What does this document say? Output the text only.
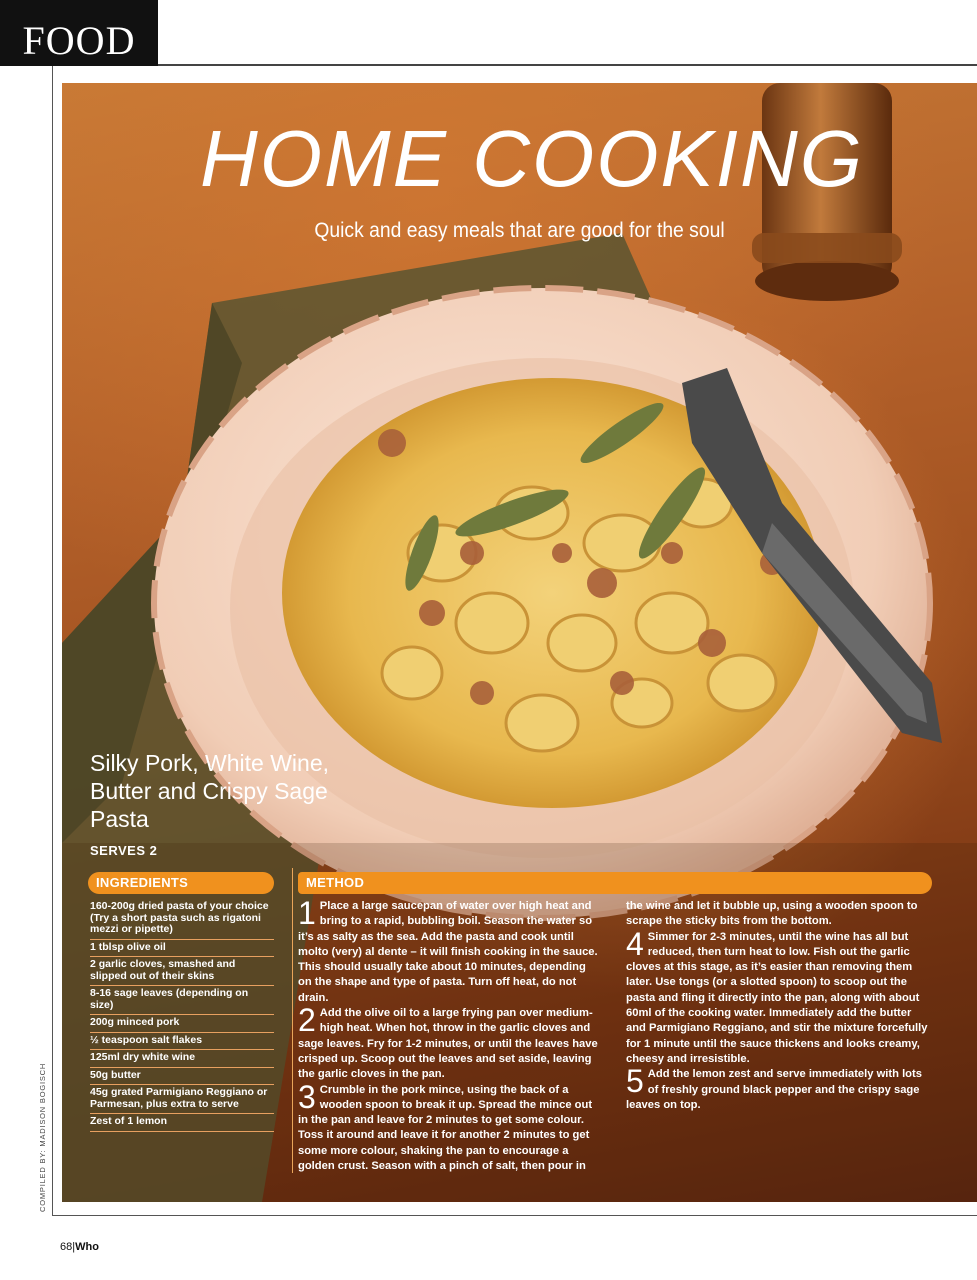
FOOD
HOME COOKING
Quick and easy meals that are good for the soul
Silky Pork, White Wine, Butter and Crispy Sage Pasta
SERVES 2
INGREDIENTS	METHOD
160-200g dried pasta of your choice (Try a short pasta such as rigatoni mezzi or pipette)
1 tblsp olive oil
2 garlic cloves, smashed and slipped out of their skins
8-16 sage leaves (depending on size)
200g minced pork
½ teaspoon salt flakes
125ml dry white wine
50g butter
45g grated Parmigiano Reggiano or Parmesan, plus extra to serve
Zest of 1 lemon

1 Place a large saucepan of water over high heat and bring to a rapid, bubbling boil. Season the water so it’s as salty as the sea. Add the pasta and cook until molto (very) al dente – it will finish cooking in the sauce. This should usually take about 10 minutes, depending on the shape and type of pasta. Turn off heat, do not drain.

2 Add the olive oil to a large frying pan over medium-high heat. When hot, throw in the garlic cloves and sage leaves. Fry for 1-2 minutes, or until the leaves have crisped up. Scoop out the leaves and set aside, leaving the garlic cloves in the pan.

3 Crumble in the pork mince, using the back of a wooden spoon to break it up. Spread the mince out in the pan and leave for 2 minutes to get some colour. Toss it around and leave it for another 2 minutes to get some more colour, shaking the pan to encourage a golden crust. Season with a pinch of salt, then pour in the wine and let it bubble up, using a wooden spoon to scrape the sticky bits from the bottom.

4 Simmer for 2-3 minutes, until the wine has all but reduced, then turn heat to low. Fish out the garlic cloves at this stage, as it’s easier than removing them later. Use tongs (or a slotted spoon) to scoop out the pasta and fling it directly into the pan, along with about 60ml of the cooking water. Immediately add the butter and Parmigiano Reggiano, and stir the mixture forcefully for 1 minute until the sauce thickens and looks creamy, cheesy and irresistible.

5 Add the lemon zest and serve immediately with lots of freshly ground black pepper and the crispy sage leaves on top.

COMPILED BY: MADISON BOGISCH
68|Who
